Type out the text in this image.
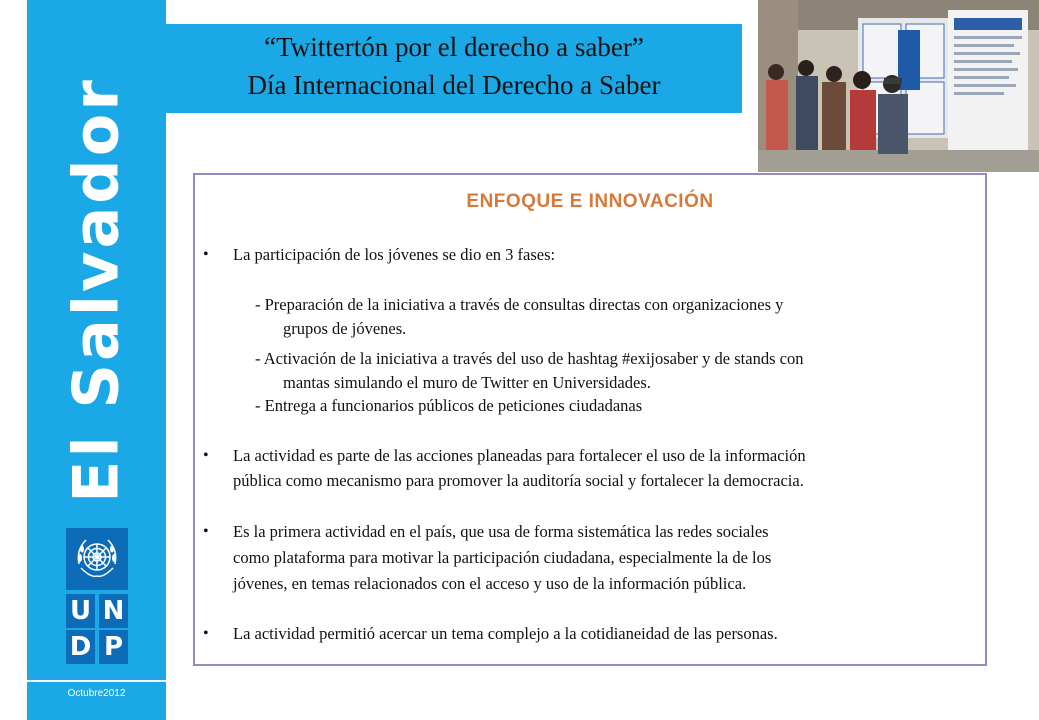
El Salvador
U N
D P
Octubre2012
“Twittertón por el derecho a saber”
Día Internacional del Derecho a Saber
ENFOQUE E INNOVACIÓN
• La participación de los jóvenes se dio en 3 fases:
- Preparación de la iniciativa a través de consultas directas con organizaciones y
grupos de jóvenes.
- Activación de la iniciativa a través del uso de hashtag #exijosaber y de stands con
mantas simulando el muro de Twitter en Universidades.
- Entrega a funcionarios públicos de peticiones ciudadanas
• La actividad es parte de las acciones planeadas para fortalecer el uso de la información
pública como mecanismo para promover la auditoría social y fortalecer la democracia.
• Es la primera actividad en el país, que usa de forma sistemática las redes sociales
como plataforma para motivar la participación ciudadana, especialmente la de los
jóvenes, en temas relacionados con el acceso y uso de la información pública.
• La actividad permitió acercar un tema complejo a la cotidianeidad de las personas.
